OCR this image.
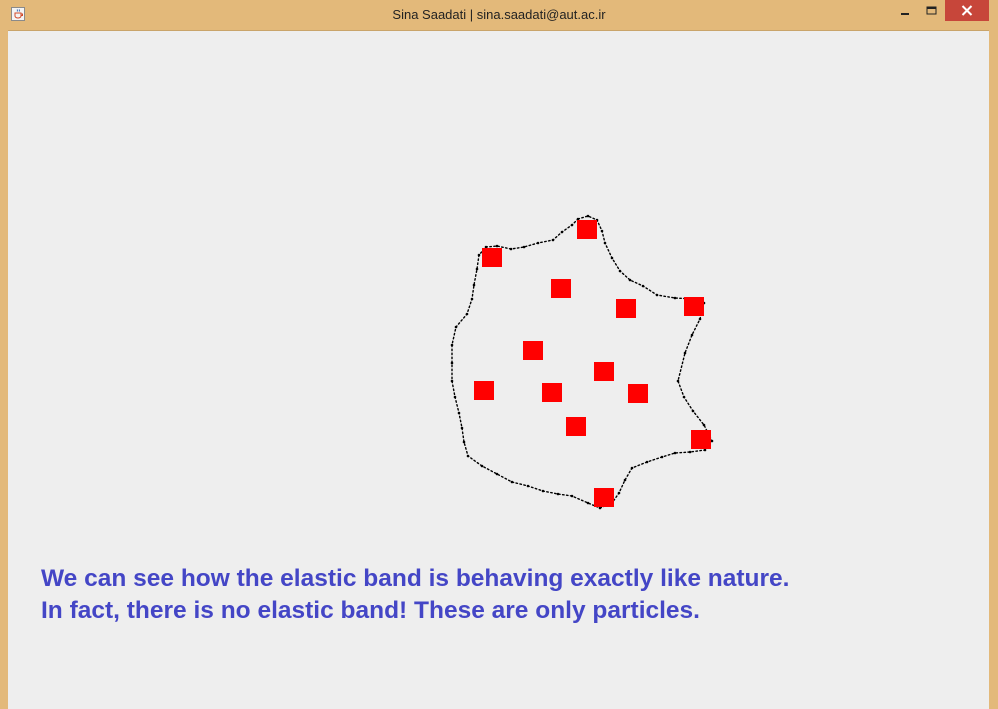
Sina Saadati | sina.saadati@aut.ac.ir
We can see how the elastic band is behaving exactly like nature.
In fact, there is no elastic band! These are only particles.
